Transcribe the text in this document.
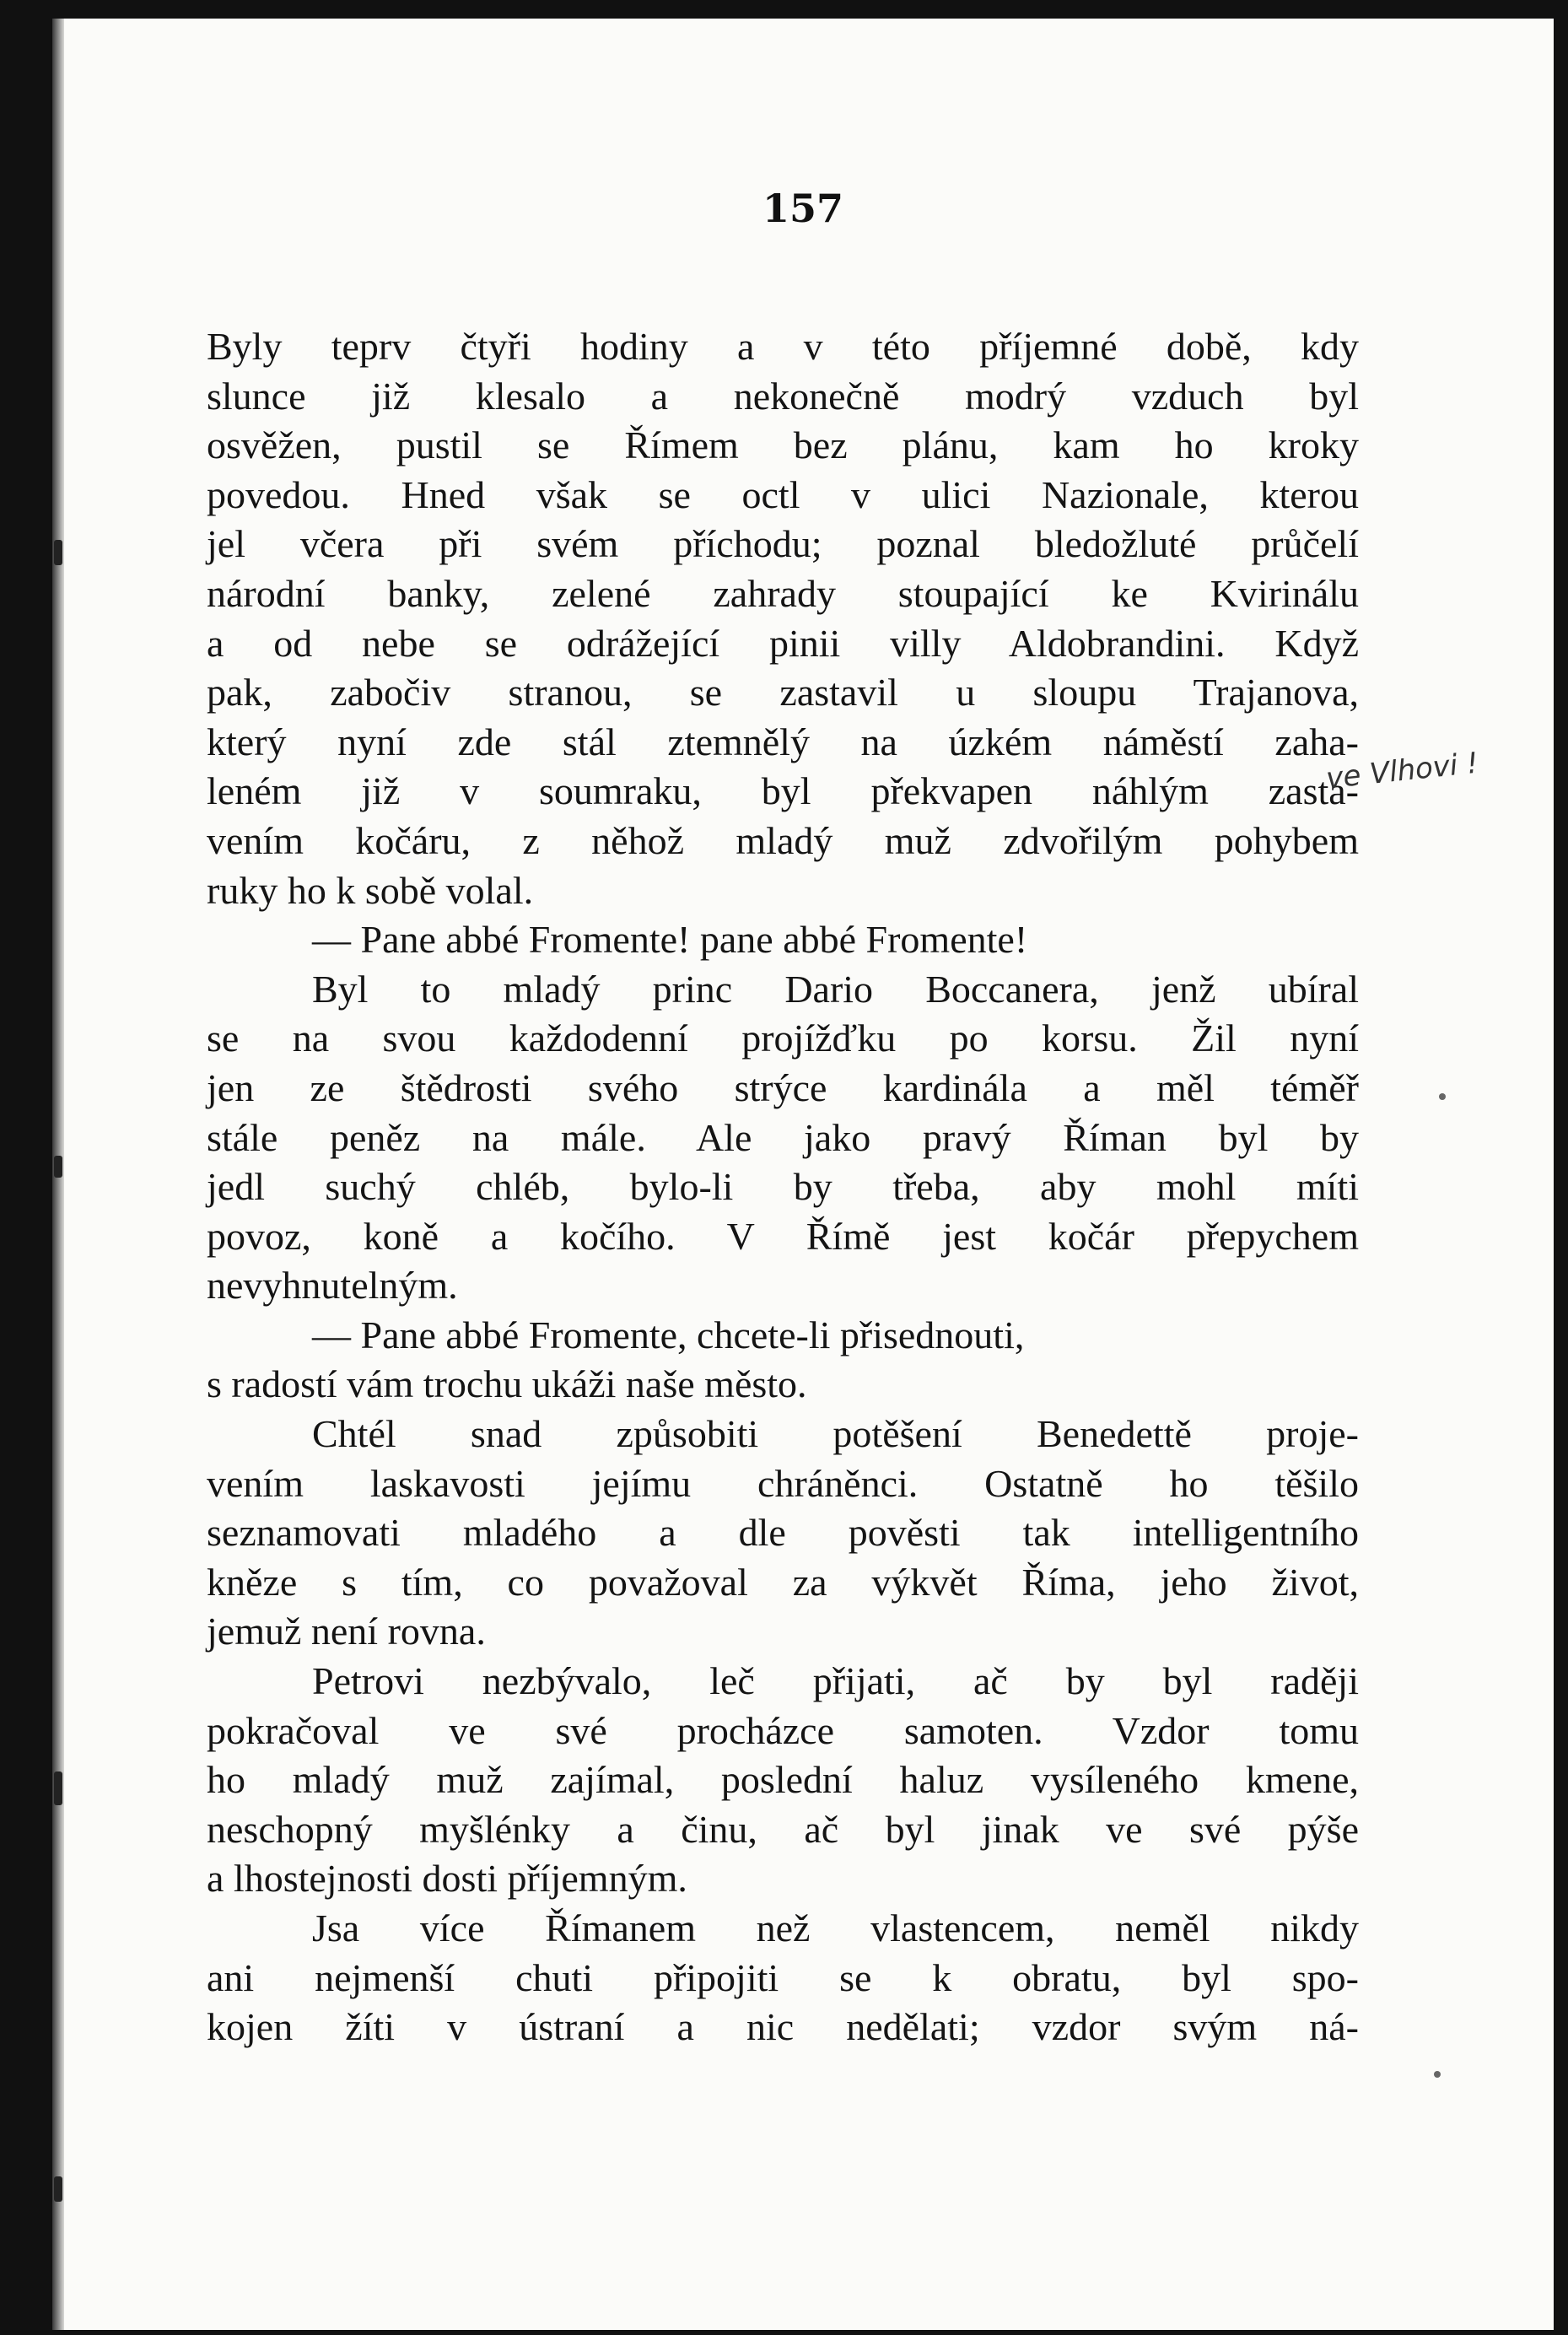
157
Byly teprv čtyři hodiny a v této příjemné době, kdy
slunce již klesalo a nekonečně modrý vzduch byl
osvěžen, pustil se Římem bez plánu, kam ho kroky
povedou. Hned však se octl v ulici Nazionale, kterou
jel včera při svém příchodu; poznal bledožluté průčelí
národní banky, zelené zahrady stoupající ke Kvirinálu
a od nebe se odrážející pinii villy Aldobrandini. Když
pak, zabočiv stranou, se zastavil u sloupu Trajanova,
který nyní zde stál ztemnělý na úzkém náměstí zaha-
leném již v soumraku, byl překvapen náhlým zasta-
vením kočáru, z něhož mladý muž zdvořilým pohybem
ruky ho k sobě volal.
— Pane abbé Fromente! pane abbé Fromente!
Byl to mladý princ Dario Boccanera, jenž ubíral
se na svou každodenní projížďku po korsu. Žil nyní
jen ze štědrosti svého strýce kardinála a měl téměř
stále peněz na mále. Ale jako pravý Říman byl by
jedl suchý chléb, bylo-li by třeba, aby mohl míti
povoz, koně a kočího. V Římě jest kočár přepychem
nevyhnutelným.
— Pane abbé Fromente, chcete-li přisednouti,
s radostí vám trochu ukáži naše město.
Chtél snad způsobiti potěšení Benedettě proje-
vením laskavosti jejímu chráněnci. Ostatně ho těšilo
seznamovati mladého a dle pověsti tak intelligentního
kněze s tím, co považoval za výkvět Říma, jeho život,
jemuž není rovna.
Petrovi nezbývalo, leč přijati, ač by byl raději
pokračoval ve své procházce samoten. Vzdor tomu
ho mladý muž zajímal, poslední haluz vysíleného kmene,
neschopný myšlénky a činu, ač byl jinak ve své pýše
a lhostejnosti dosti příjemným.
Jsa více Římanem než vlastencem, neměl nikdy
ani nejmenší chuti připojiti se k obratu, byl spo-
kojen žíti v ústraní a nic nedělati; vzdor svým ná-
ve Vlhovi !
